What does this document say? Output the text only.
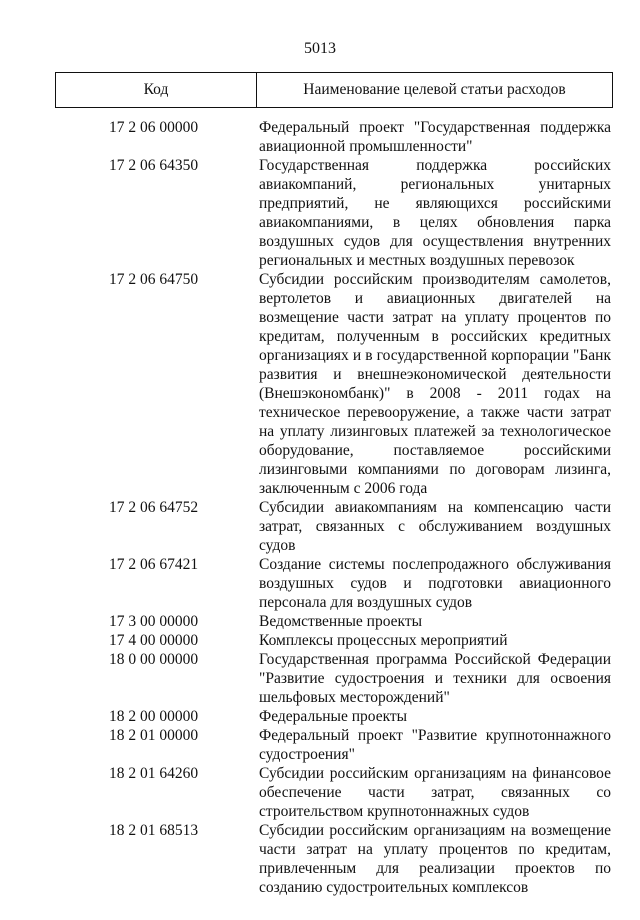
5013
Код	Наименование целевой статьи расходов
17 2 06 00000	Федеральный проект "Государственная поддержка авиационной промышленности"
17 2 06 64350	Государственная поддержка российских авиакомпаний, региональных унитарных предприятий, не являющихся российскими авиакомпаниями, в целях обновления парка воздушных судов для осуществления внутренних региональных и местных воздушных перевозок
17 2 06 64750	Субсидии российским производителям самолетов, вертолетов и авиационных двигателей на возмещение части затрат на уплату процентов по кредитам, полученным в российских кредитных организациях и в государственной корпорации "Банк развития и внешнеэкономической деятельности (Внешэкономбанк)" в 2008 - 2011 годах на техническое перевооружение, а также части затрат на уплату лизинговых платежей за технологическое оборудование, поставляемое российскими лизинговыми компаниями по договорам лизинга, заключенным с 2006 года
17 2 06 64752	Субсидии авиакомпаниям на компенсацию части затрат, связанных с обслуживанием воздушных судов
17 2 06 67421	Создание системы послепродажного обслуживания воздушных судов и подготовки авиационного персонала для воздушных судов
17 3 00 00000	Ведомственные проекты
17 4 00 00000	Комплексы процессных мероприятий
18 0 00 00000	Государственная программа Российской Федерации "Развитие судостроения и техники для освоения шельфовых месторождений"
18 2 00 00000	Федеральные проекты
18 2 01 00000	Федеральный проект "Развитие крупнотоннажного судостроения"
18 2 01 64260	Субсидии российским организациям на финансовое обеспечение части затрат, связанных со строительством крупнотоннажных судов
18 2 01 68513	Субсидии российским организациям на возмещение части затрат на уплату процентов по кредитам, привлеченным для реализации проектов по созданию судостроительных комплексов
